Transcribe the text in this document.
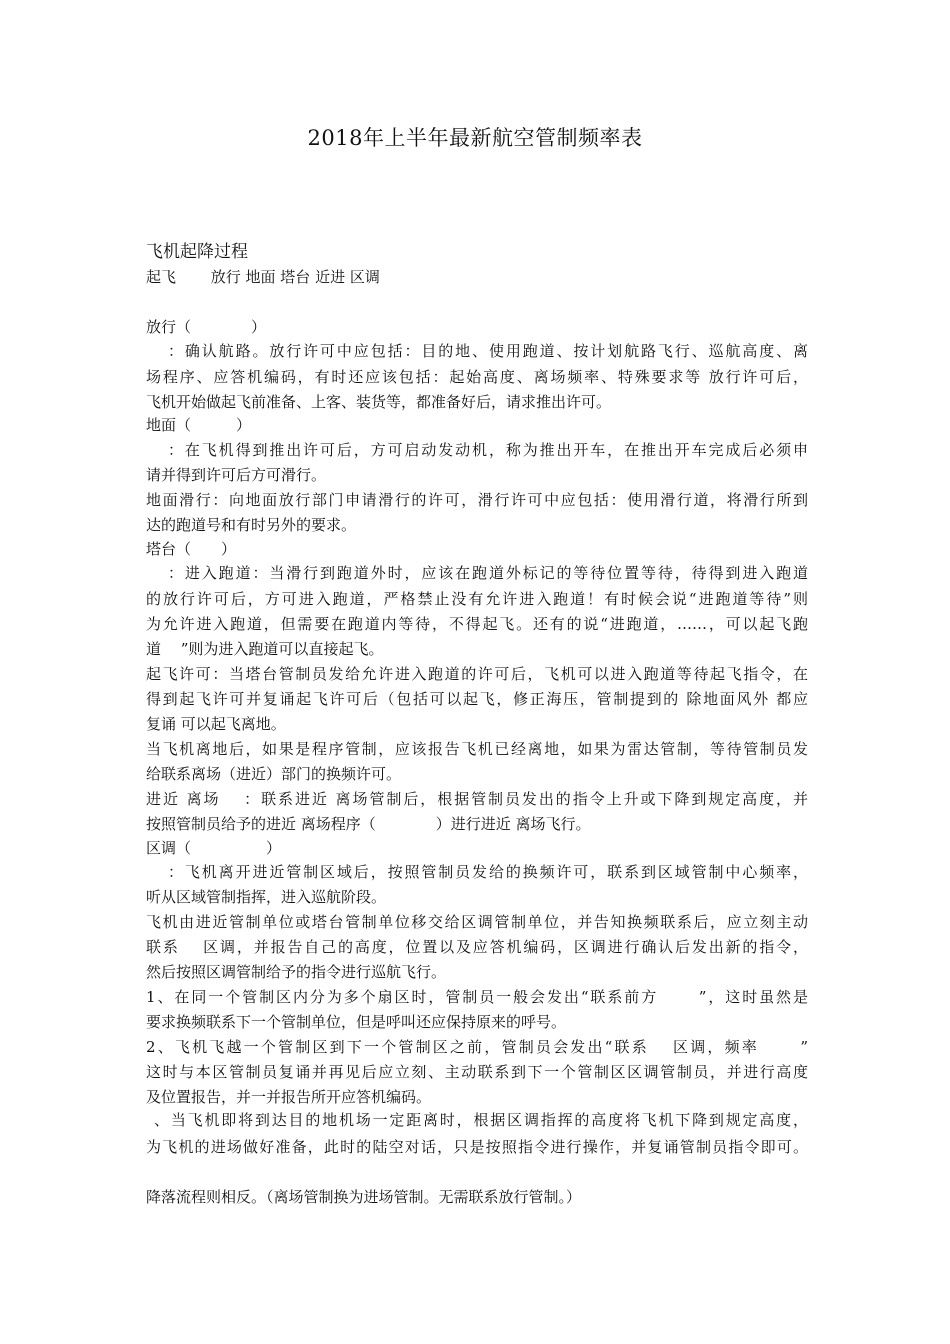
2018年上半年最新航空管制频率表
飞机起降过程
起飞　　 放行 地面 塔台 近进 区调
放行（　　　　）
：确认航路。放行许可中应包括：目的地、使用跑道、按计划航路飞行、巡航高度、离
场程序、应答机编码，有时还应该包括：起始高度、离场频率、特殊要求等 放行许可后，
飞机开始做起飞前准备、上客、装货等，都准备好后，请求推出许可。
地面（　　　）
：在飞机得到推出许可后，方可启动发动机，称为推出开车，在推出开车完成后必须申
请并得到许可后方可滑行。
地面滑行：向地面放行部门申请滑行的许可，滑行许可中应包括：使用滑行道，将滑行所到
达的跑道号和有时另外的要求。
塔台（　　）
：进入跑道：当滑行到跑道外时，应该在跑道外标记的等待位置等待，待得到进入跑道
的放行许可后，方可进入跑道，严格禁止没有允许进入跑道！有时候会说“进跑道等待”则
为允许进入跑道，但需要在跑道内等待，不得起飞。还有的说“进跑道，……，可以起飞跑
道　 ”则为进入跑道可以直接起飞。
起飞许可：当塔台管制员发给允许进入跑道的许可后，飞机可以进入跑道等待起飞指令，在
得到起飞许可并复诵起飞许可后（包括可以起飞，修正海压，管制提到的 除地面风外 都应
复诵 可以起飞离地。
当飞机离地后，如果是程序管制，应该报告飞机已经离地，如果为雷达管制，等待管制员发
给联系离场（进近）部门的换频许可。
进近 离场　 ：联系进近 离场管制后，根据管制员发出的指令上升或下降到规定高度，并
按照管制员给予的进近 离场程序（　　　　）进行进近 离场飞行。
区调（　　　　　）
：飞机离开进近管制区域后，按照管制员发给的换频许可，联系到区域管制中心频率，
听从区域管制指挥，进入巡航阶段。
飞机由进近管制单位或塔台管制单位移交给区调管制单位，并告知换频联系后，应立刻主动
联系　 区调，并报告自己的高度，位置以及应答机编码，区调进行确认后发出新的指令，
然后按照区调管制给予的指令进行巡航飞行。
1、在同一个管制区内分为多个扇区时，管制员一般会发出“联系前方　　 ”，这时虽然是
要求换频联系下一个管制单位，但是呼叫还应保持原来的呼号。
2、飞机飞越一个管制区到下一个管制区之前，管制员会发出“联系　 区调，频率　　 ”
这时与本区管制员复诵并再见后应立刻、主动联系到下一个管制区区调管制员，并进行高度
及位置报告，并一并报告所开应答机编码。
、当飞机即将到达目的地机场一定距离时，根据区调指挥的高度将飞机下降到规定高度，
为飞机的进场做好准备，此时的陆空对话，只是按照指令进行操作，并复诵管制员指令即可。
降落流程则相反。（离场管制换为进场管制。无需联系放行管制。）
